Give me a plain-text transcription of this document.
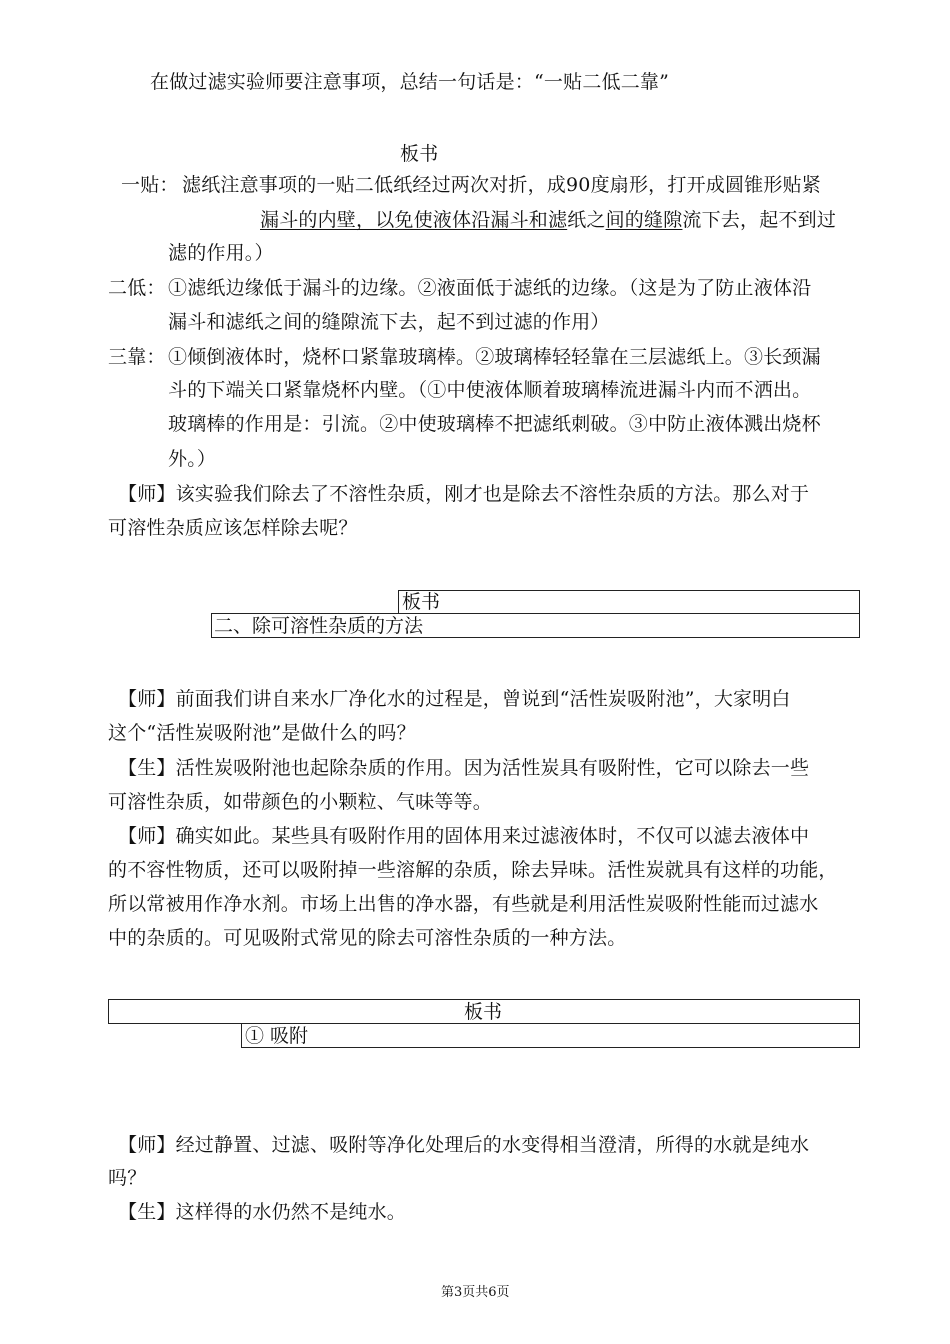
在做过滤实验师要注意事项，总结一句话是：“一贴二低二靠”
板书
一贴： 滤纸注意事项的一贴二低纸经过两次对折，成90度扇形，打开成圆锥形贴紧
漏斗的内壁，以免使液体沿漏斗和滤纸之间的缝隙流下去，起不到过
滤的作用。）
二低： ①滤纸边缘低于漏斗的边缘。②液面低于滤纸的边缘。（这是为了防止液体沿
漏斗和滤纸之间的缝隙流下去，起不到过滤的作用）
三靠： ①倾倒液体时，烧杯口紧靠玻璃棒。②玻璃棒轻轻靠在三层滤纸上。③长颈漏
斗的下端关口紧靠烧杯内壁。（①中使液体顺着玻璃棒流进漏斗内而不洒出。
玻璃棒的作用是：引流。②中使玻璃棒不把滤纸刺破。③中防止液体溅出烧杯
外。）
【师】该实验我们除去了不溶性杂质，刚才也是除去不溶性杂质的方法。那么对于
可溶性杂质应该怎样除去呢？
板书
二、除可溶性杂质的方法
【师】前面我们讲自来水厂净化水的过程是，曾说到“活性炭吸附池”，大家明白
这个“活性炭吸附池”是做什么的吗？
【生】活性炭吸附池也起除杂质的作用。因为活性炭具有吸附性，它可以除去一些
可溶性杂质，如带颜色的小颗粒、气味等等。
【师】确实如此。某些具有吸附作用的固体用来过滤液体时，不仅可以滤去液体中
的不容性物质，还可以吸附掉一些溶解的杂质，除去异味。活性炭就具有这样的功能，
所以常被用作净水剂。市场上出售的净水器，有些就是利用活性炭吸附性能而过滤水
中的杂质的。可见吸附式常见的除去可溶性杂质的一种方法。
板书
① 吸附
【师】经过静置、过滤、吸附等净化处理后的水变得相当澄清，所得的水就是纯水
吗？
【生】这样得的水仍然不是纯水。
第3页共6页
